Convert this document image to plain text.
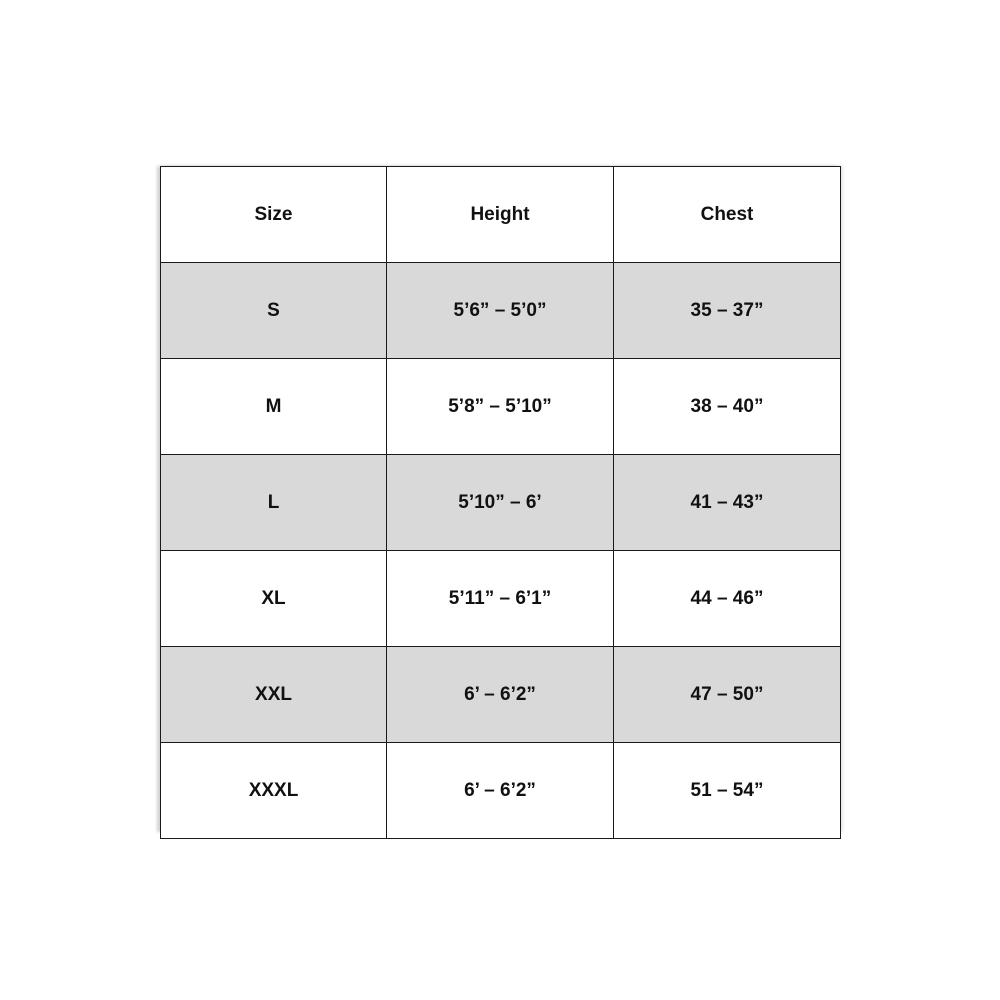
Size	Height	Chest
S	5’6” – 5’0”	35 – 37”
M	5’8” – 5’10”	38 – 40”
L	5’10” – 6’	41 – 43”
XL	5’11” – 6’1”	44 – 46”
XXL	6’ – 6’2”	47 – 50”
XXXL	6’ – 6’2”	51 – 54”
